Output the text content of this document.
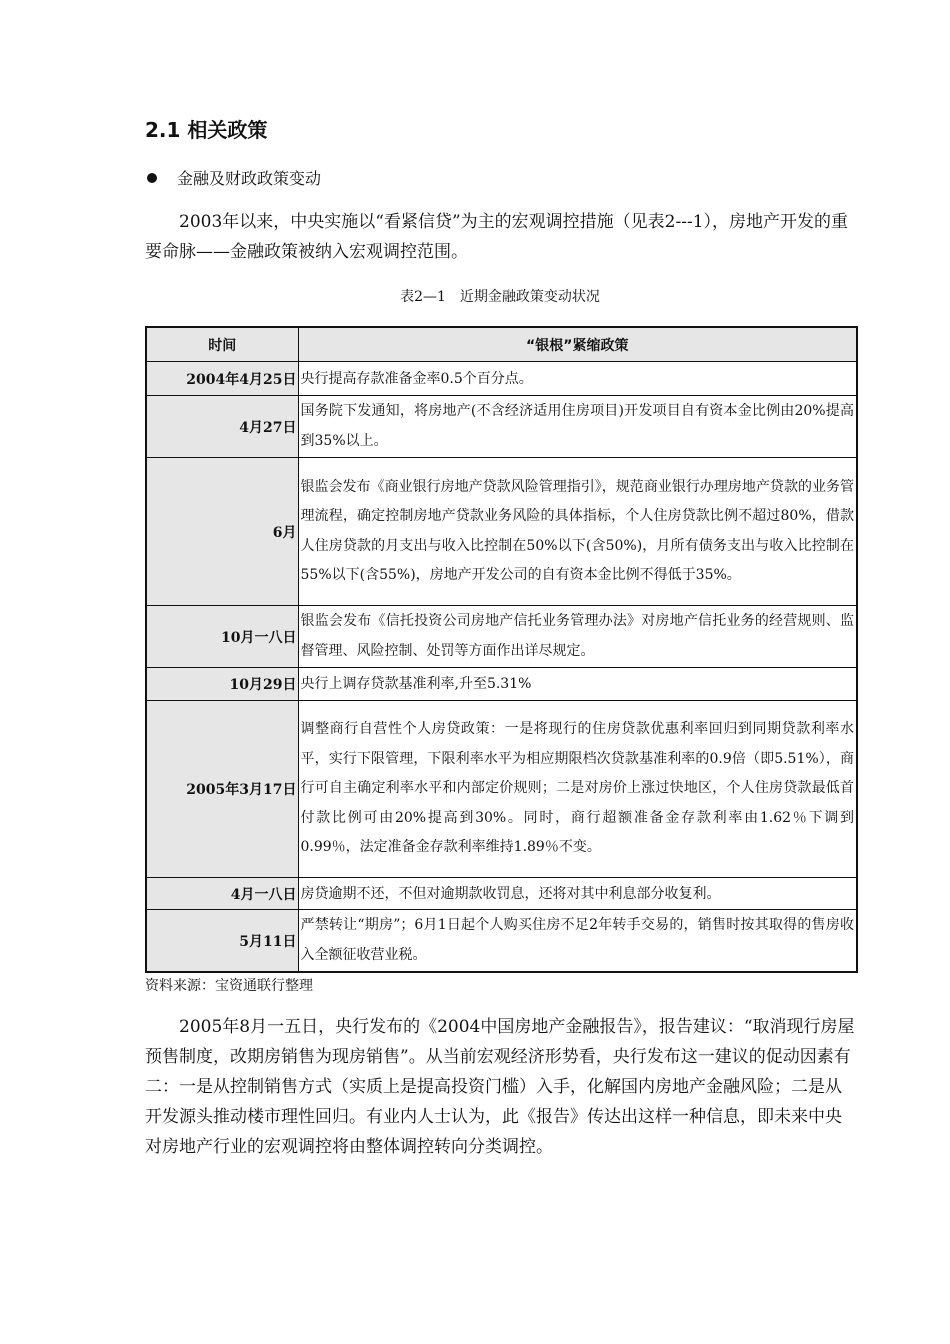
2.1 相关政策
金融及财政政策变动

2003年以来，中央实施以“看紧信贷”为主的宏观调控措施（见表2---1），房地产开发的重要命脉——金融政策被纳入宏观调控范围。

表2—1　近期金融政策变动状况
时间	“银根”紧缩政策
2004年4月25日	央行提高存款准备金率0.5个百分点。
4月27日	国务院下发通知，将房地产(不含经济适用住房项目)开发项目自有资本金比例由20%提高到35%以上。
6月	银监会发布《商业银行房地产贷款风险管理指引》，规范商业银行办理房地产贷款的业务管理流程，确定控制房地产贷款业务风险的具体指标，个人住房贷款比例不超过80%，借款人住房贷款的月支出与收入比控制在50%以下(含50%)，月所有债务支出与收入比控制在55%以下(含55%)，房地产开发公司的自有资本金比例不得低于35%。
10月一八日	银监会发布《信托投资公司房地产信托业务管理办法》对房地产信托业务的经营规则、监督管理、风险控制、处罚等方面作出详尽规定。
10月29日	央行上调存贷款基准利率,升至5.31%
2005年3月17日	调整商行自营性个人房贷政策：一是将现行的住房贷款优惠利率回归到同期贷款利率水平，实行下限管理，下限利率水平为相应期限档次贷款基准利率的0.9倍（即5.51%），商行可自主确定利率水平和内部定价规则；二是对房价上涨过快地区，个人住房贷款最低首付款比例可由20%提高到30%。同时，商行超额准备金存款利率由1.62％下调到0.99％，法定准备金存款利率维持1.89％不变。
4月一八日	房贷逾期不还，不但对逾期款收罚息，还将对其中利息部分收复利。
5月11日	严禁转让“期房”；6月1日起个人购买住房不足2年转手交易的，销售时按其取得的售房收入全额征收营业税。
资料来源：宝资通联行整理

2005年8月一五日，央行发布的《2004中国房地产金融报告》，报告建议：“取消现行房屋预售制度，改期房销售为现房销售”。从当前宏观经济形势看，央行发布这一建议的促动因素有二：一是从控制销售方式（实质上是提高投资门槛）入手，化解国内房地产金融风险；二是从开发源头推动楼市理性回归。有业内人士认为，此《报告》传达出这样一种信息，即未来中央对房地产行业的宏观调控将由整体调控转向分类调控。
